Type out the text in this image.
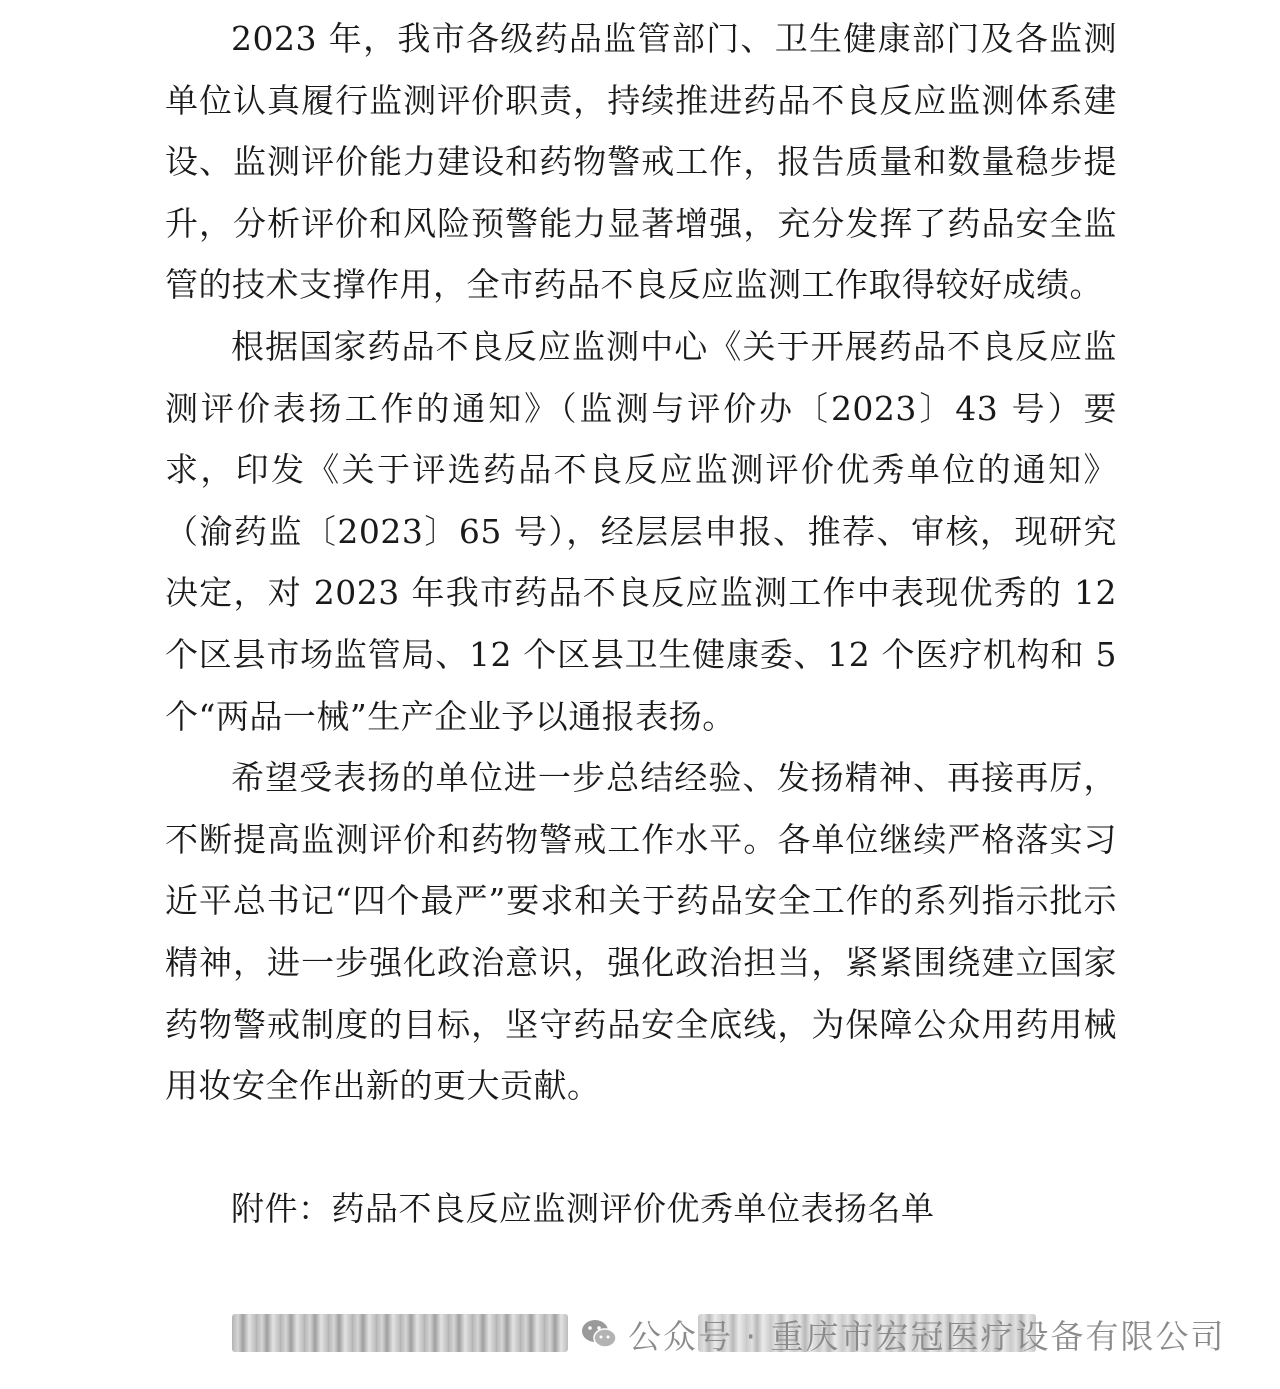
2023 年，我市各级药品监管部门、卫生健康部门及各监测单位认真履行监测评价职责，持续推进药品不良反应监测体系建设、监测评价能力建设和药物警戒工作，报告质量和数量稳步提升，分析评价和风险预警能力显著增强，充分发挥了药品安全监管的技术支撑作用，全市药品不良反应监测工作取得较好成绩。

根据国家药品不良反应监测中心《关于开展药品不良反应监测评价表扬工作的通知》（监测与评价办〔2023〕43 号）要求，印发《关于评选药品不良反应监测评价优秀单位的通知》（渝药监〔2023〕65 号），经层层申报、推荐、审核，现研究决定，对 2023 年我市药品不良反应监测工作中表现优秀的 12 个区县市场监管局、12 个区县卫生健康委、12 个医疗机构和 5 个“两品一械”生产企业予以通报表扬。

希望受表扬的单位进一步总结经验、发扬精神、再接再厉，不断提高监测评价和药物警戒工作水平。各单位继续严格落实习近平总书记“四个最严”要求和关于药品安全工作的系列指示批示精神，进一步强化政治意识，强化政治担当，紧紧围绕建立国家药物警戒制度的目标，坚守药品安全底线，为保障公众用药用械用妆安全作出新的更大贡献。

附件：药品不良反应监测评价优秀单位表扬名单

公众号 · 重庆市宏冠医疗设备有限公司
